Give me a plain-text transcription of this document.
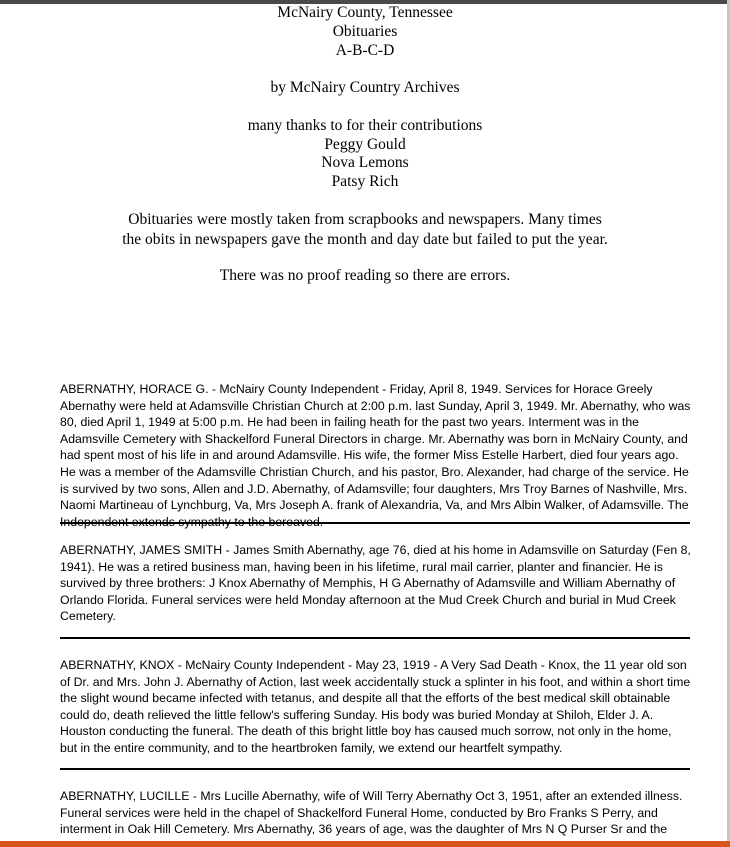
McNairy County, Tennessee
Obituaries
A-B-C-D
by McNairy Country Archives
many thanks to for their contributions
Peggy Gould
Nova Lemons
Patsy Rich

Obituaries were mostly taken from scrapbooks and newspapers. Many times

the obits in newspapers gave the month and day date but failed to put the year.

There was no proof reading so there are errors.

ABERNATHY, HORACE G. - McNairy County Independent - Friday, April 8, 1949. Services for Horace Greely Abernathy were held at Adamsville Christian Church at 2:00 p.m. last Sunday, April 3, 1949. Mr. Abernathy, who was 80, died April 1, 1949 at 5:00 p.m. He had been in failing heath for the past two years. Interment was in the Adamsville Cemetery with Shackelford Funeral Directors in charge. Mr. Abernathy was born in McNairy County, and had spent most of his life in and around Adamsville. His wife, the former Miss Estelle Harbert, died four years ago. He was a member of the Adamsville Christian Church, and his pastor, Bro. Alexander, had charge of the service. He is survived by two sons, Allen and J.D. Abernathy, of Adamsville; four daughters, Mrs Troy Barnes of Nashville, Mrs. Naomi Martineau of Lynchburg, Va, Mrs Joseph A. frank of Alexandria, Va, and Mrs Albin Walker, of Adamsville. The Independent extends sympathy to the bereaved.

ABERNATHY, JAMES SMITH - James Smith Abernathy, age 76, died at his home in Adamsville on Saturday (Fen 8, 1941). He was a retired business man, having been in his lifetime, rural mail carrier, planter and financier. He is survived by three brothers: J Knox Abernathy of Memphis, H G Abernathy of Adamsville and William Abernathy of Orlando Florida. Funeral services were held Monday afternoon at the Mud Creek Church and burial in Mud Creek Cemetery.

ABERNATHY, KNOX - McNairy County Independent - May 23, 1919 - A Very Sad Death - Knox, the 11 year old son of Dr. and Mrs. John J. Abernathy of Action, last week accidentally stuck a splinter in his foot, and within a short time the slight wound became infected with tetanus, and despite all that the efforts of the best medical skill obtainable could do, death relieved the little fellow's suffering Sunday. His body was buried Monday at Shiloh, Elder J. A. Houston conducting the funeral. The death of this bright little boy has caused much sorrow, not only in the home, but in the entire community, and to the heartbroken family, we extend our heartfelt sympathy.

ABERNATHY, LUCILLE - Mrs Lucille Abernathy, wife of Will Terry Abernathy Oct 3, 1951, after an extended illness. Funeral services were held in the chapel of Shackelford Funeral Home, conducted by Bro Franks S Perry, and interment in Oak Hill Cemetery. Mrs Abernathy, 36 years of age, was the daughter of Mrs N Q Purser Sr and the
